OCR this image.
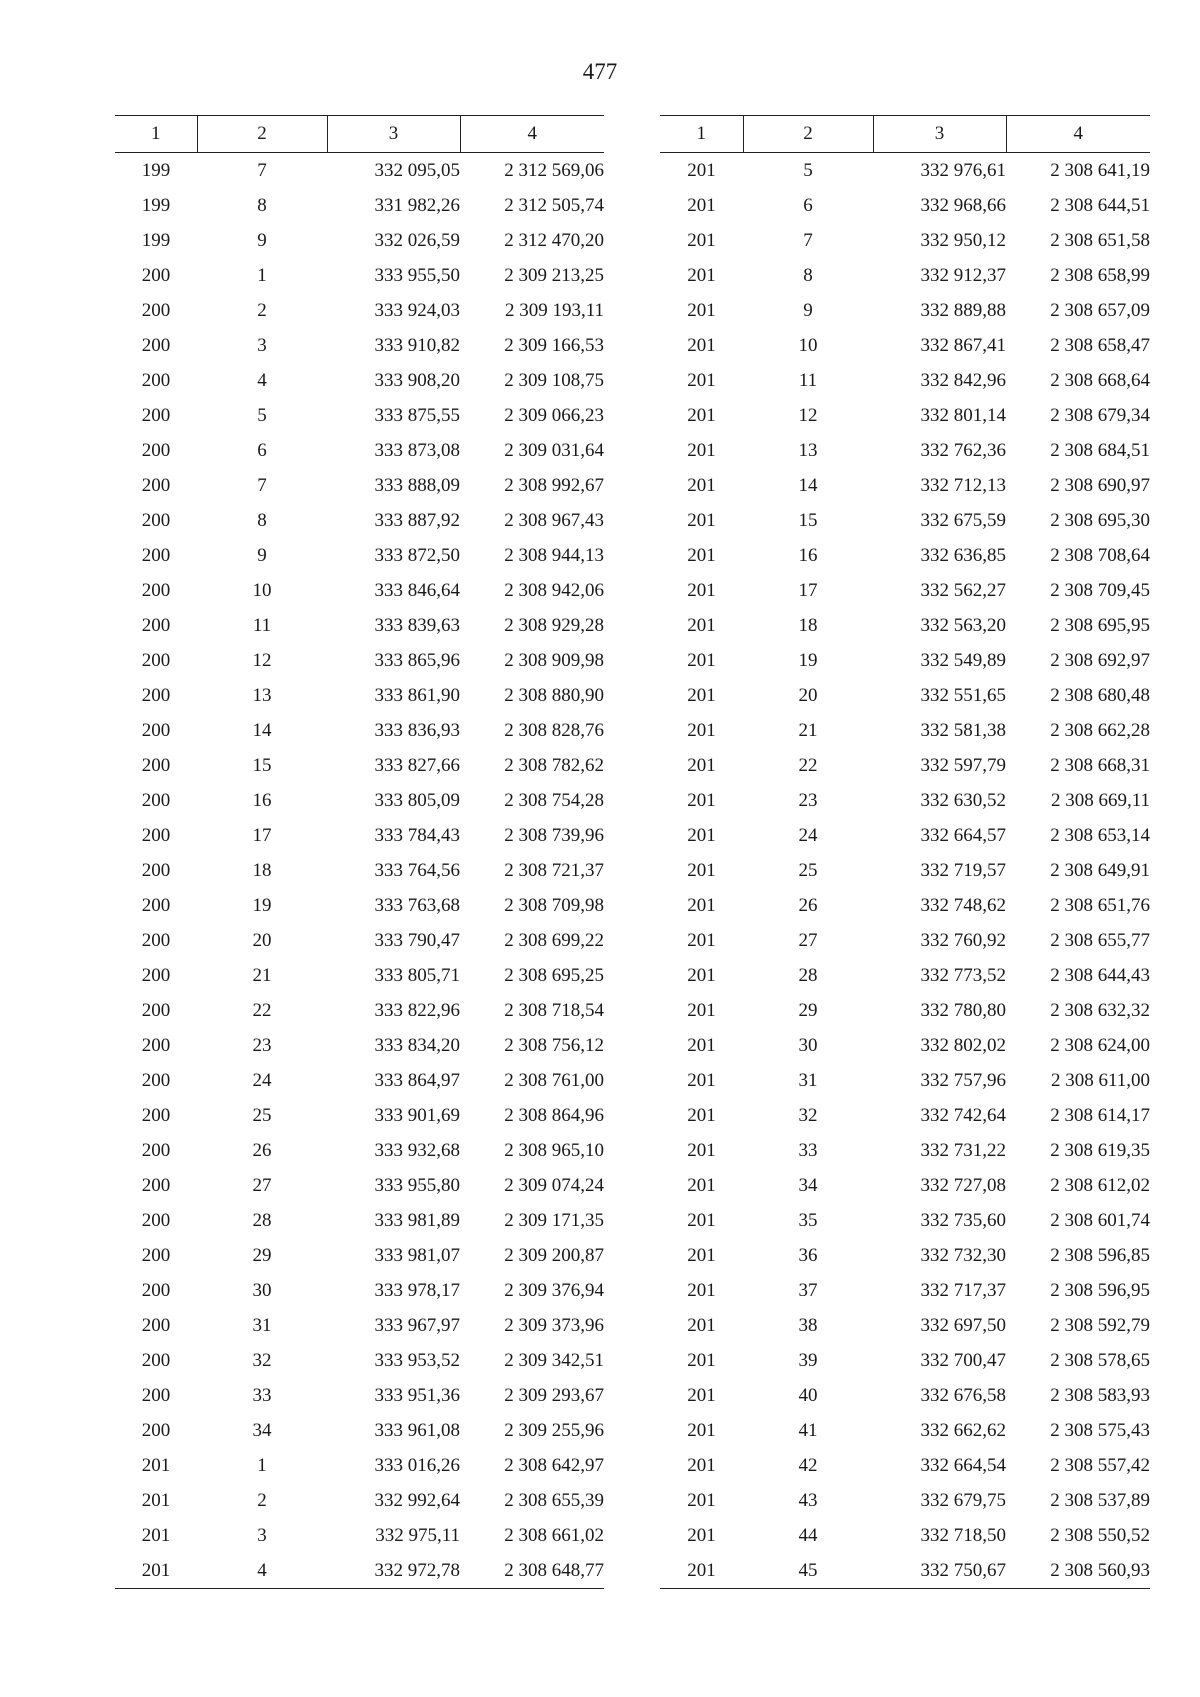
477
1	2	3	4
199	7	332 095,05	2 312 569,06
199	8	331 982,26	2 312 505,74
199	9	332 026,59	2 312 470,20
200	1	333 955,50	2 309 213,25
200	2	333 924,03	2 309 193,11
200	3	333 910,82	2 309 166,53
200	4	333 908,20	2 309 108,75
200	5	333 875,55	2 309 066,23
200	6	333 873,08	2 309 031,64
200	7	333 888,09	2 308 992,67
200	8	333 887,92	2 308 967,43
200	9	333 872,50	2 308 944,13
200	10	333 846,64	2 308 942,06
200	11	333 839,63	2 308 929,28
200	12	333 865,96	2 308 909,98
200	13	333 861,90	2 308 880,90
200	14	333 836,93	2 308 828,76
200	15	333 827,66	2 308 782,62
200	16	333 805,09	2 308 754,28
200	17	333 784,43	2 308 739,96
200	18	333 764,56	2 308 721,37
200	19	333 763,68	2 308 709,98
200	20	333 790,47	2 308 699,22
200	21	333 805,71	2 308 695,25
200	22	333 822,96	2 308 718,54
200	23	333 834,20	2 308 756,12
200	24	333 864,97	2 308 761,00
200	25	333 901,69	2 308 864,96
200	26	333 932,68	2 308 965,10
200	27	333 955,80	2 309 074,24
200	28	333 981,89	2 309 171,35
200	29	333 981,07	2 309 200,87
200	30	333 978,17	2 309 376,94
200	31	333 967,97	2 309 373,96
200	32	333 953,52	2 309 342,51
200	33	333 951,36	2 309 293,67
200	34	333 961,08	2 309 255,96
201	1	333 016,26	2 308 642,97
201	2	332 992,64	2 308 655,39
201	3	332 975,11	2 308 661,02
201	4	332 972,78	2 308 648,77
1	2	3	4
201	5	332 976,61	2 308 641,19
201	6	332 968,66	2 308 644,51
201	7	332 950,12	2 308 651,58
201	8	332 912,37	2 308 658,99
201	9	332 889,88	2 308 657,09
201	10	332 867,41	2 308 658,47
201	11	332 842,96	2 308 668,64
201	12	332 801,14	2 308 679,34
201	13	332 762,36	2 308 684,51
201	14	332 712,13	2 308 690,97
201	15	332 675,59	2 308 695,30
201	16	332 636,85	2 308 708,64
201	17	332 562,27	2 308 709,45
201	18	332 563,20	2 308 695,95
201	19	332 549,89	2 308 692,97
201	20	332 551,65	2 308 680,48
201	21	332 581,38	2 308 662,28
201	22	332 597,79	2 308 668,31
201	23	332 630,52	2 308 669,11
201	24	332 664,57	2 308 653,14
201	25	332 719,57	2 308 649,91
201	26	332 748,62	2 308 651,76
201	27	332 760,92	2 308 655,77
201	28	332 773,52	2 308 644,43
201	29	332 780,80	2 308 632,32
201	30	332 802,02	2 308 624,00
201	31	332 757,96	2 308 611,00
201	32	332 742,64	2 308 614,17
201	33	332 731,22	2 308 619,35
201	34	332 727,08	2 308 612,02
201	35	332 735,60	2 308 601,74
201	36	332 732,30	2 308 596,85
201	37	332 717,37	2 308 596,95
201	38	332 697,50	2 308 592,79
201	39	332 700,47	2 308 578,65
201	40	332 676,58	2 308 583,93
201	41	332 662,62	2 308 575,43
201	42	332 664,54	2 308 557,42
201	43	332 679,75	2 308 537,89
201	44	332 718,50	2 308 550,52
201	45	332 750,67	2 308 560,93
